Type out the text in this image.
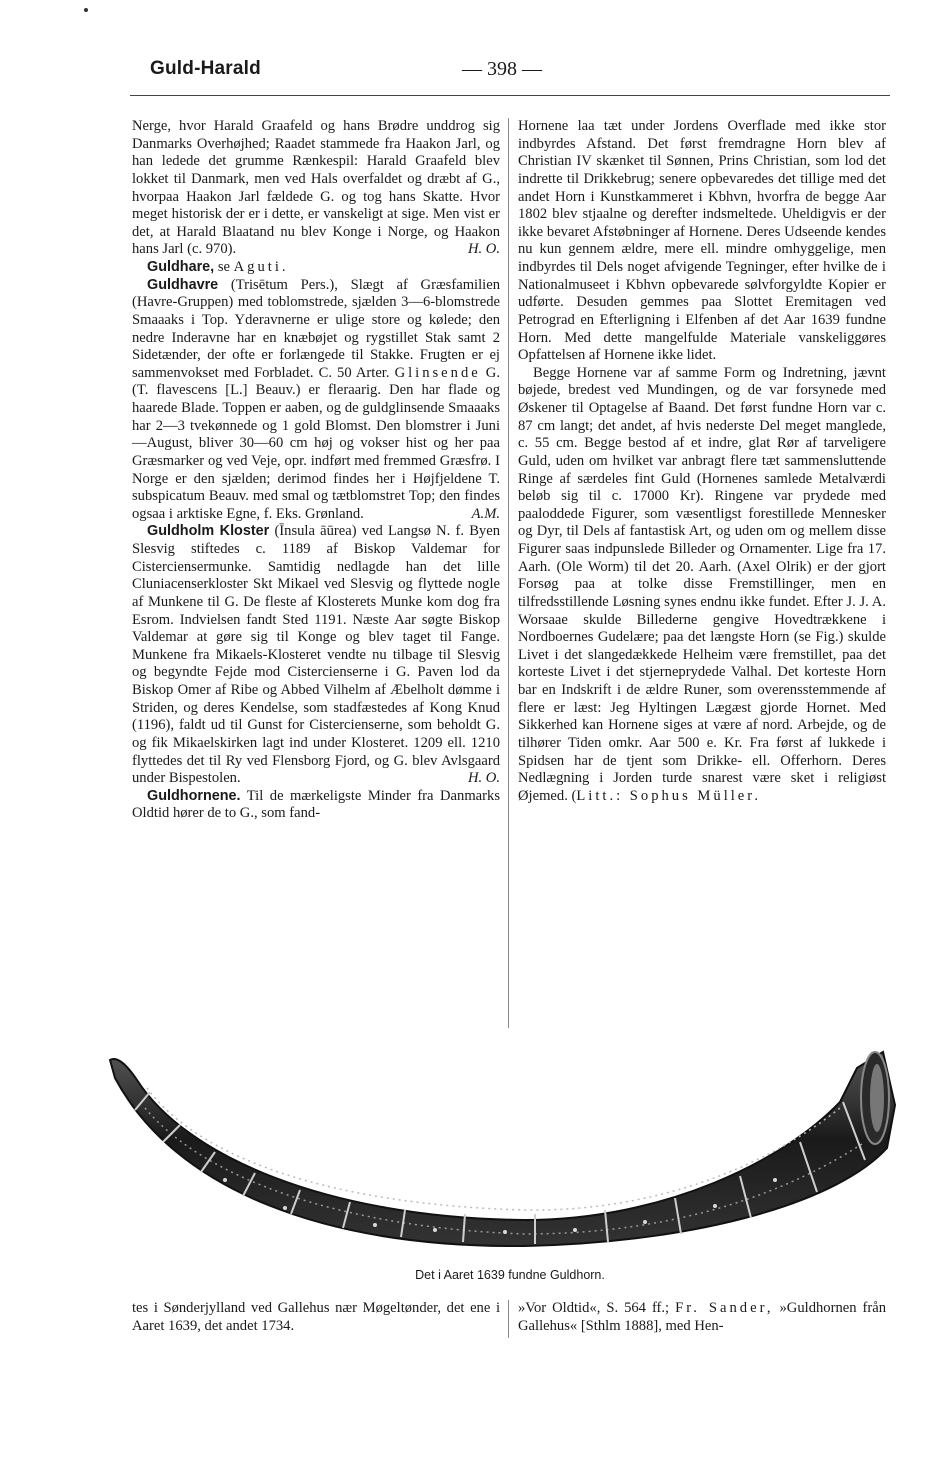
Guld-Harald	— 398 —

Nerge, hvor Harald Graafeld og hans Brødre unddrog sig Danmarks Overhøjhed; Raadet stammede fra Haakon Jarl, og han ledede det grumme Rænkespil: Harald Graafeld blev lokket til Danmark, men ved Hals overfaldet og dræbt af G., hvorpaa Haakon Jarl fældede G. og tog hans Skatte. Hvor meget historisk der er i dette, er vanskeligt at sige. Men vist er det, at Harald Blaatand nu blev Konge i Norge, og Haakon hans Jarl (c. 970).	H. O.

Guldhare, se Aguti.

Guldhavre (Trisētum Pers.), Slægt af Græsfamilien (Havre-Gruppen) med toblomstrede, sjælden 3—6-blomstrede Smaaaks i Top. Yderavnerne er ulige store og kølede; den nedre Inderavne har en knæbøjet og rygstillet Stak samt 2 Sidetænder, der ofte er forlængede til Stakke. Frugten er ej sammenvokset med Forbladet. C. 50 Arter. Glinsende G. (T. flavescens [L.] Beauv.) er fleraarig. Den har flade og haarede Blade. Toppen er aaben, og de guldglinsende Smaaaks har 2—3 tvekønnede og 1 gold Blomst. Den blomstrer i Juni—August, bliver 30—60 cm høj og vokser hist og her paa Græsmarker og ved Veje, opr. indført med fremmed Græsfrø. I Norge er den sjælden; derimod findes her i Højfjeldene T. subspicatum Beauv. med smal og tætblomstret Top; den findes ogsaa i arktiske Egne, f. Eks. Grønland.	A.M.

Guldholm Kloster (Īnsula āūrea) ved Langsø N. f. Byen Slesvig stiftedes c. 1189 af Biskop Valdemar for Cisterciensermunke. Samtidig nedlagde han det lille Cluniacenserkloster Skt Mikael ved Slesvig og flyttede nogle af Munkene til G. De fleste af Klosterets Munke kom dog fra Esrom. Indvielsen fandt Sted 1191. Næste Aar søgte Biskop Valdemar at gøre sig til Konge og blev taget til Fange. Munkene fra Mikaels-Klosteret vendte nu tilbage til Slesvig og begyndte Fejde mod Cistercienserne i G. Paven lod da Biskop Omer af Ribe og Abbed Vilhelm af Æbelholt dømme i Striden, og deres Kendelse, som stadfæstedes af Kong Knud (1196), faldt ud til Gunst for Cistercienserne, som beholdt G. og fik Mikaelskirken lagt ind under Klosteret. 1209 ell. 1210 flyttedes det til Ry ved Flensborg Fjord, og G. blev Avlsgaard under Bispestolen.	H. O.

Guldhornene. Til de mærkeligste Minder fra Danmarks Oldtid hører de to G., som fand-

Hornene laa tæt under Jordens Overflade med ikke stor indbyrdes Afstand. Det først fremdragne Horn blev af Christian IV skænket til Sønnen, Prins Christian, som lod det indrette til Drikkebrug; senere opbevaredes det tillige med det andet Horn i Kunstkammeret i Kbhvn, hvorfra de begge Aar 1802 blev stjaalne og derefter indsmeltede. Uheldigvis er der ikke bevaret Afstøbninger af Hornene. Deres Udseende kendes nu kun gennem ældre, mere ell. mindre omhyggelige, men indbyrdes til Dels noget afvigende Tegninger, efter hvilke de i Nationalmuseet i Kbhvn opbevarede sølvforgyldte Kopier er udførte. Desuden gemmes paa Slottet Eremitagen ved Petrograd en Efterligning i Elfenben af det Aar 1639 fundne Horn. Med dette mangelfulde Materiale vanskeliggøres Opfattelsen af Hornene ikke lidet.

Begge Hornene var af samme Form og Indretning, jævnt bøjede, bredest ved Mundingen, og de var forsynede med Øskener til Optagelse af Baand. Det først fundne Horn var c. 87 cm langt; det andet, af hvis nederste Del meget manglede, c. 55 cm. Begge bestod af et indre, glat Rør af tarveligere Guld, uden om hvilket var anbragt flere tæt sammensluttende Ringe af særdeles fint Guld (Hornenes samlede Metalværdi beløb sig til c. 17000 Kr). Ringene var prydede med paaloddede Figurer, som væsentligst forestillede Mennesker og Dyr, til Dels af fantastisk Art, og uden om og mellem disse Figurer saas indpunslede Billeder og Ornamenter. Lige fra 17. Aarh. (Ole Worm) til det 20. Aarh. (Axel Olrik) er der gjort Forsøg paa at tolke disse Fremstillinger, men en tilfredsstillende Løsning synes endnu ikke fundet. Efter J. J. A. Worsaae skulde Billederne gengive Hovedtrækkene i Nordboernes Gudelære; paa det længste Horn (se Fig.) skulde Livet i det slangedækkede Helheim være fremstillet, paa det korteste Livet i det stjerneprydede Valhal. Det korteste Horn bar en Indskrift i de ældre Runer, som overensstemmende af flere er læst: Jeg Hyltingen Lægæst gjorde Hornet. Med Sikkerhed kan Hornene siges at være af nord. Arbejde, og de tilhører Tiden omkr. Aar 500 e. Kr. Fra først af lukkede i Spidsen har de tjent som Drikke- ell. Offerhorn. Deres Nedlægning i Jorden turde snarest være sket i religiøst Øjemed. (Litt.: Sophus Müller.

Det i Aaret 1639 fundne Guldhorn.
tes i Sønderjylland ved Gallehus nær Møgeltønder, det ene i Aaret 1639, det andet 1734.
»Vor Oldtid«, S. 564 ff.; Fr. Sander, »Guldhornen från Gallehus« [Sthlm 1888], med Hen-
